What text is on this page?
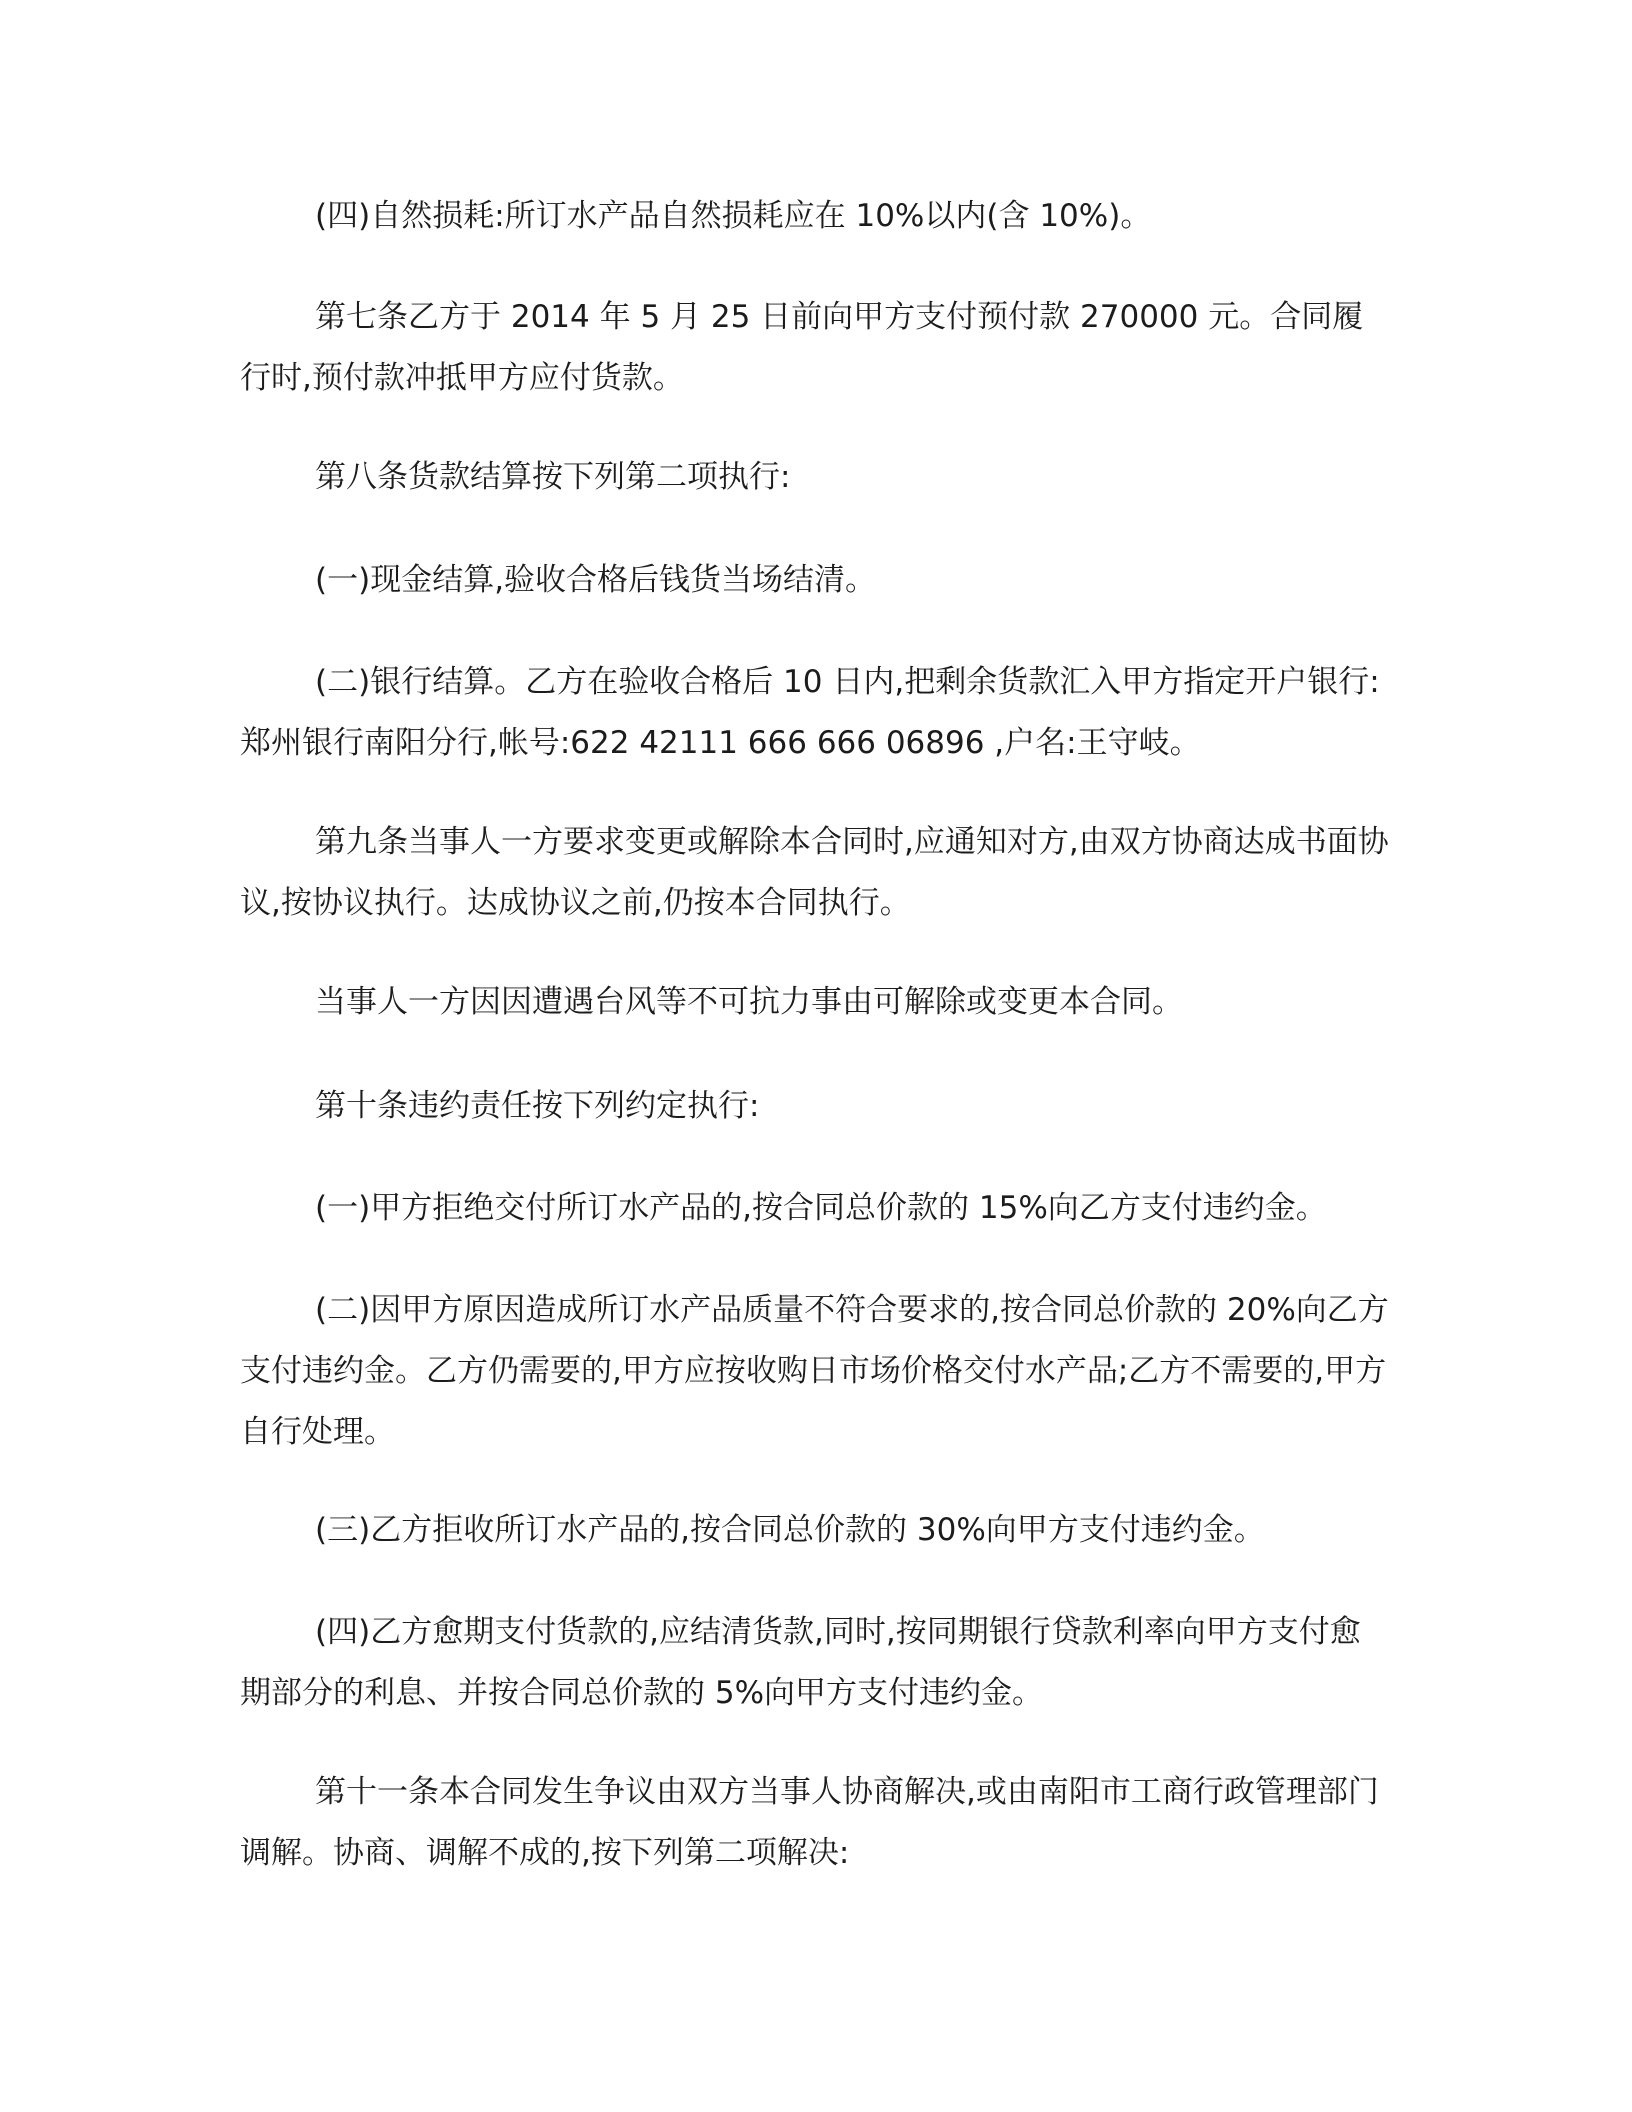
(四)自然损耗:所订水产品自然损耗应在 10%以内(含 10%)。

第七条乙方于 2014 年 5 月 25 日前向甲方支付预付款 270000 元。合同履行时,预付款冲抵甲方应付货款。

第八条货款结算按下列第二项执行:

(一)现金结算,验收合格后钱货当场结清。

(二)银行结算。乙方在验收合格后 10 日内,把剩余货款汇入甲方指定开户银行:郑州银行南阳分行,帐号:622 42111 666 666 06896 ,户名:王守岐。

第九条当事人一方要求变更或解除本合同时,应通知对方,由双方协商达成书面协议,按协议执行。达成协议之前,仍按本合同执行。

当事人一方因因遭遇台风等不可抗力事由可解除或变更本合同。

第十条违约责任按下列约定执行:

(一)甲方拒绝交付所订水产品的,按合同总价款的 15%向乙方支付违约金。

(二)因甲方原因造成所订水产品质量不符合要求的,按合同总价款的 20%向乙方支付违约金。乙方仍需要的,甲方应按收购日市场价格交付水产品;乙方不需要的,甲方自行处理。

(三)乙方拒收所订水产品的,按合同总价款的 30%向甲方支付违约金。

(四)乙方愈期支付货款的,应结清货款,同时,按同期银行贷款利率向甲方支付愈期部分的利息、并按合同总价款的 5%向甲方支付违约金。

第十一条本合同发生争议由双方当事人协商解决,或由南阳市工商行政管理部门调解。协商、调解不成的,按下列第二项解决:
